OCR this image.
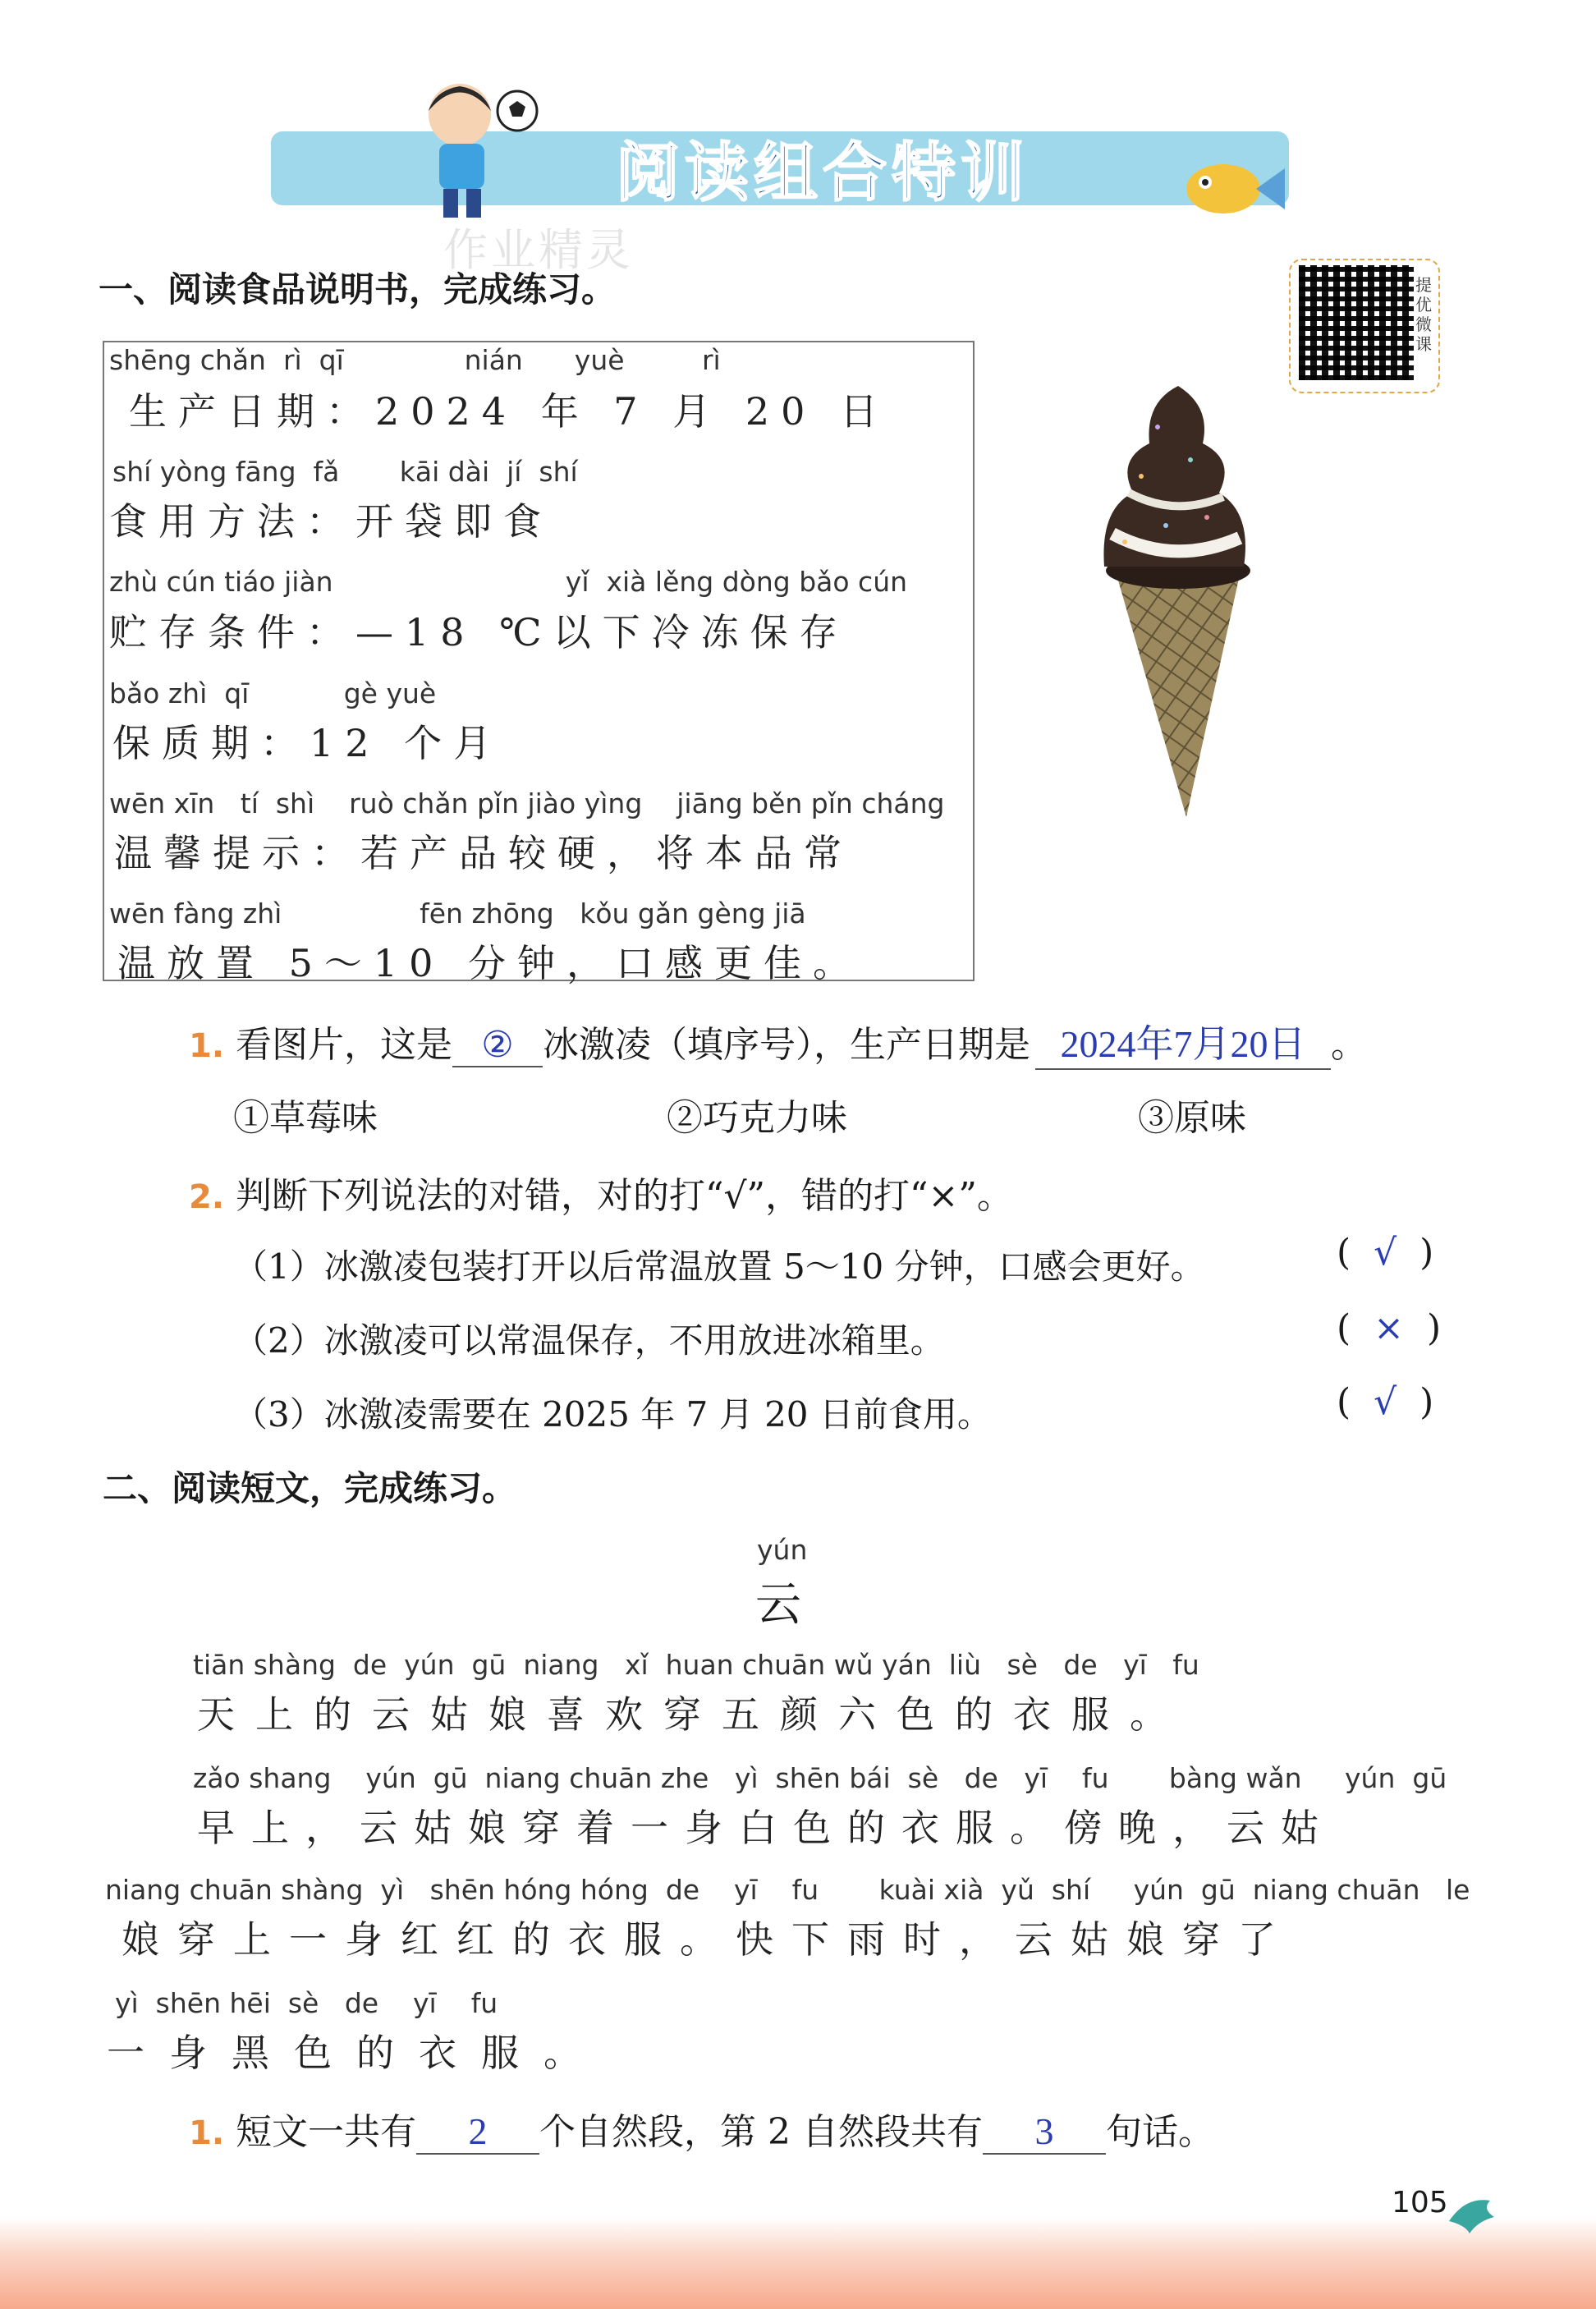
阅读组合特训
作业精灵
提优微课
一、阅读食品说明书，完成练习。
shēng chǎn  rì  qī              nián      yuè         rì
生产日期：2024 年 7 月 20 日
shí yòng fāng  fǎ       kāi dài  jí  shí
食用方法：开袋即食
zhù cún tiáo jiàn                           yǐ  xià lěng dòng bǎo cún
贮存条件：—18 ℃以下冷冻保存
bǎo zhì  qī           gè yuè
保质期：12 个月
wēn xīn   tí  shì    ruò chǎn pǐn jiào yìng    jiāng běn pǐn cháng
温馨提示：若产品较硬，将本品常
wēn fàng zhì                fēn zhōng   kǒu gǎn gèng jiā
温放置 5～10 分钟，口感更佳。
1. 看图片，这是 ② 冰激凌（填序号），生产日期是 2024年7月20日 。
①草莓味	②巧克力味	③原味
2. 判断下列说法的对错，对的打“√”，错的打“×”。
（1）冰激凌包装打开以后常温放置 5～10 分钟，口感会更好。	(  √  )
（2）冰激凌可以常温保存，不用放进冰箱里。	(  ×  )
（3）冰激凌需要在 2025 年 7 月 20 日前食用。	(  √  )
二、阅读短文，完成练习。
yún
云
tiān shàng  de  yún  gū  niang   xǐ  huan chuān wǔ yán  liù   sè   de   yī   fu
天上的云姑娘喜欢穿五颜六色的衣服。
zǎo shang    yún  gū  niang chuān zhe   yì  shēn bái  sè   de   yī    fu       bàng wǎn     yún  gū
早上，云姑娘穿着一身白色的衣服。傍晚，云姑
niang chuān shàng  yì   shēn hóng hóng  de    yī    fu       kuài xià  yǔ  shí     yún  gū  niang chuān   le
娘穿上一身红红的衣服。快下雨时，云姑娘穿了
yì  shēn hēi  sè   de    yī    fu
一身黑色的衣服。
1. 短文一共有 2 个自然段，第 2 自然段共有 3 句话。
105
